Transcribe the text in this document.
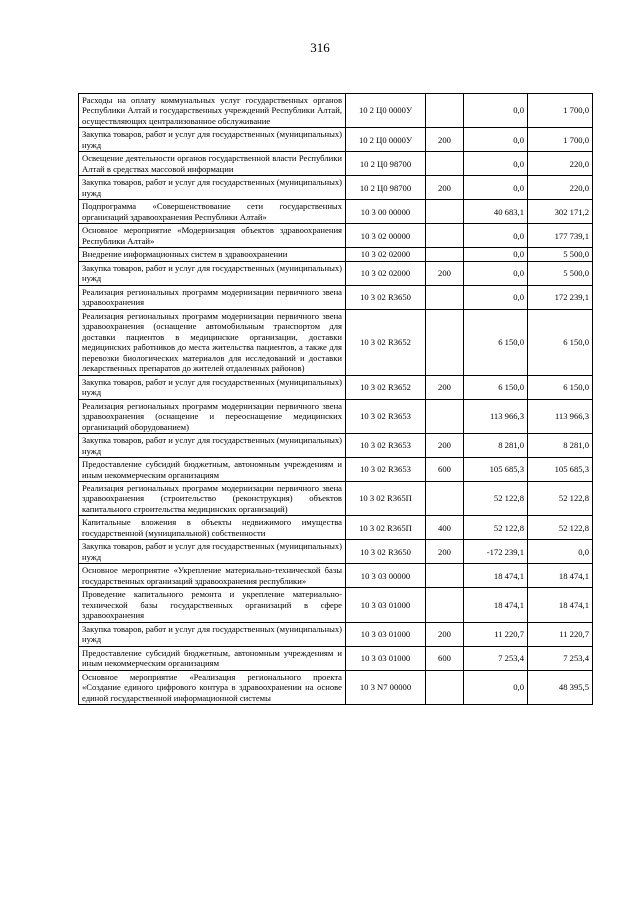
316
Расходы на оплату коммунальных услуг государственных органов Республики Алтай и государственных учреждений Республики Алтай, осуществляющих централизованное обслуживание	10 2 Ц0 0000У		0,0	1 700,0
Закупка товаров, работ и услуг для государственных (муниципальных) нужд	10 2 Ц0 0000У	200	0,0	1 700,0
Освещение деятельности органов государственной власти Республики Алтай в средствах массовой информации	10 2 Ц0 98700		0,0	220,0
Закупка товаров, работ и услуг для государственных (муниципальных) нужд	10 2 Ц0 98700	200	0,0	220,0
Подпрограмма «Совершенствование сети государственных организаций здравоохранения Республики Алтай»	10 3 00 00000		40 683,1	302 171,2
Основное мероприятие «Модернизация объектов здравоохранения Республики Алтай»	10 3 02 00000		0,0	177 739,1
Внедрение информационных систем в здравоохранении	10 3 02 02000		0,0	5 500,0
Закупка товаров, работ и услуг для государственных (муниципальных) нужд	10 3 02 02000	200	0,0	5 500,0
Реализация региональных программ модернизации первичного звена здравоохранения	10 3 02 R3650		0,0	172 239,1
Реализация региональных программ модернизации первичного звена здравоохранения (оснащение автомобильным транспортом для доставки пациентов в медицинские организации, доставки медицинских работников до места жительства пациентов, а также для перевозки биологических материалов для исследований и доставки лекарственных препаратов до жителей отдаленных районов)	10 3 02 R3652		6 150,0	6 150,0
Закупка товаров, работ и услуг для государственных (муниципальных) нужд	10 3 02 R3652	200	6 150,0	6 150,0
Реализация региональных программ модернизации первичного звена здравоохранения (оснащение и переоснащение медицинских организаций оборудованием)	10 3 02 R3653		113 966,3	113 966,3
Закупка товаров, работ и услуг для государственных (муниципальных) нужд	10 3 02 R3653	200	8 281,0	8 281,0
Предоставление субсидий бюджетным, автономным учреждениям и иным некоммерческим организациям	10 3 02 R3653	600	105 685,3	105 685,3
Реализация региональных программ модернизации первичного звена здравоохранения (строительство (реконструкция) объектов капитального строительства медицинских организаций)	10 3 02 R365П		52 122,8	52 122,8
Капитальные вложения в объекты недвижимого имущества государственной (муниципальной) собственности	10 3 02 R365П	400	52 122,8	52 122,8
Закупка товаров, работ и услуг для государственных (муниципальных) нужд	10 3 02 R3650	200	-172 239,1	0,0
Основное мероприятие «Укрепление материально-технической базы государственных организаций здравоохранения республики»	10 3 03 00000		18 474,1	18 474,1
Проведение капитального ремонта и укрепление материально-технической базы государственных организаций в сфере здравоохранения	10 3 03 01000		18 474,1	18 474,1
Закупка товаров, работ и услуг для государственных (муниципальных) нужд	10 3 03 01000	200	11 220,7	11 220,7
Предоставление субсидий бюджетным, автономным учреждениям и иным некоммерческим организациям	10 3 03 01000	600	7 253,4	7 253,4
Основное мероприятие «Реализация регионального проекта «Создание единого цифрового контура в здравоохранении на основе единой государственной информационной системы	10 3 N7 00000		0,0	48 395,5
